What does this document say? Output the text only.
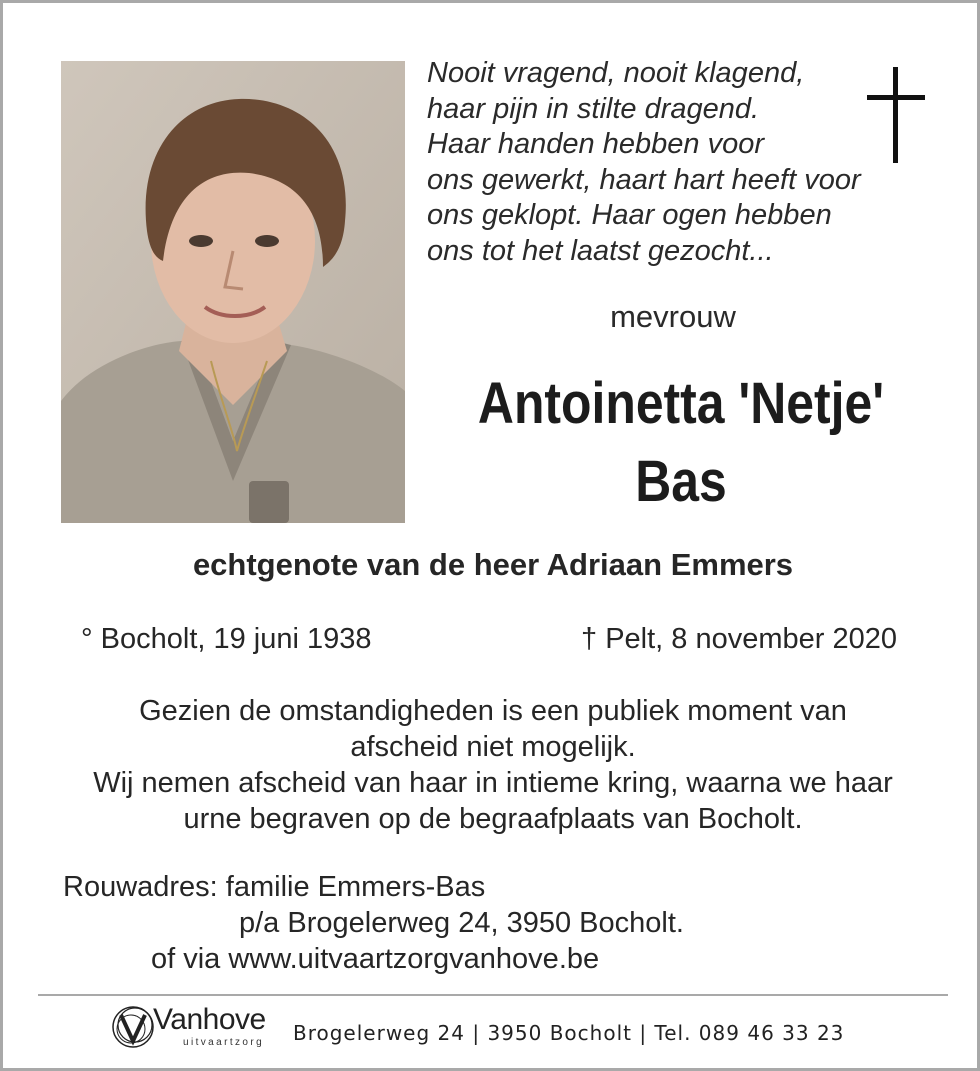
Nooit vragend, nooit klagend,
haar pijn in stilte dragend.
Haar handen hebben voor
ons gewerkt, haart hart heeft voor
ons geklopt. Haar ogen hebben
ons tot het laatst gezocht...
mevrouw
Antoinetta 'Netje'
Bas
echtgenote van de heer Adriaan Emmers
° Bocholt, 19 juni 1938	† Pelt, 8 november 2020
Gezien de omstandigheden is een publiek moment van
afscheid niet mogelijk.
Wij nemen afscheid van haar in intieme kring, waarna we haar
urne begraven op de begraafplaats van Bocholt.
Rouwadres: familie Emmers-Bas
p/a Brogelerweg 24, 3950 Bocholt.
of via www.uitvaartzorgvanhove.be
Vanhove
uitvaartzorg Brogelerweg 24 | 3950 Bocholt | Tel. 089 46 33 23
